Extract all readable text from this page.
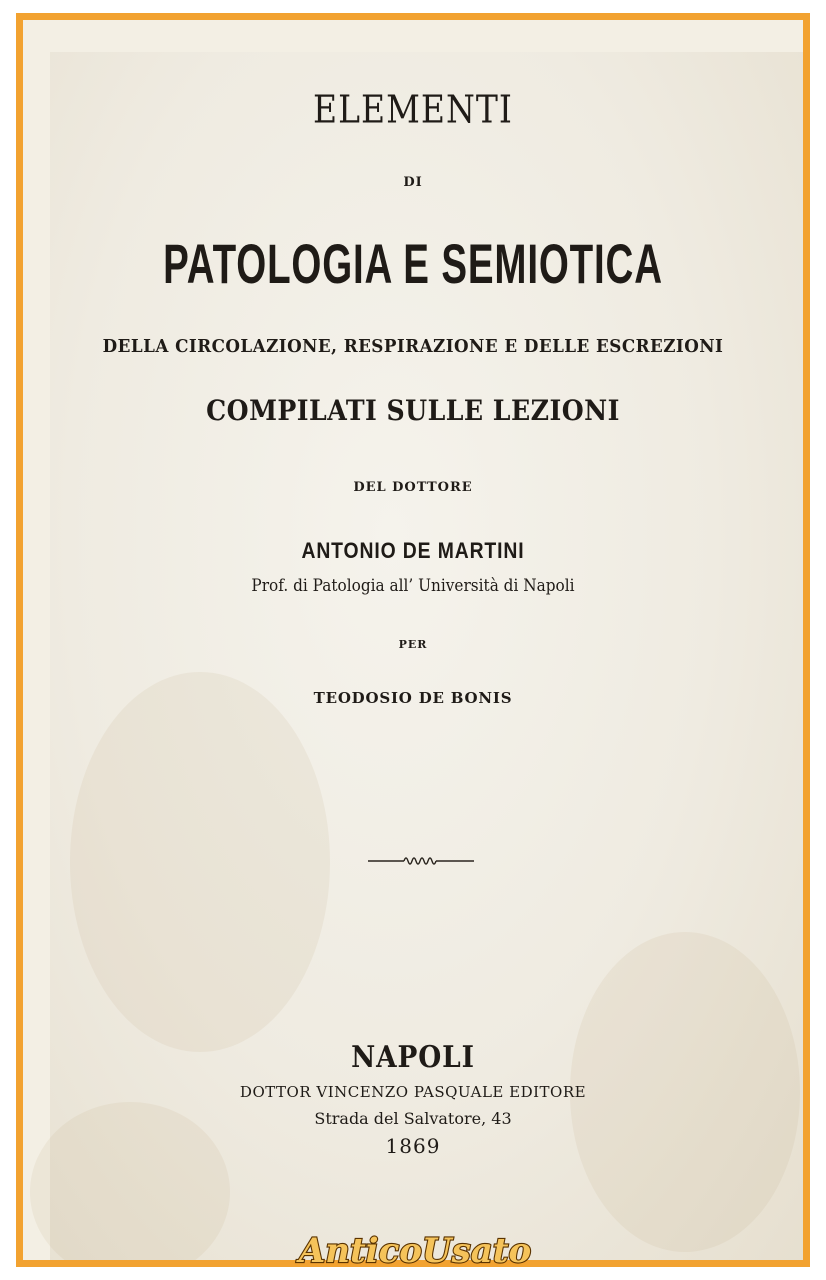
ELEMENTI

DI

PATOLOGIA E SEMIOTICA

DELLA CIRCOLAZIONE, RESPIRAZIONE E DELLE ESCREZIONI

COMPILATI SULLE LEZIONI

DEL DOTTORE

ANTONIO DE MARTINI

Prof. di Patologia all’ Università di Napoli

PER

TEODOSIO DE BONIS

NAPOLI

DOTTOR VINCENZO PASQUALE EDITORE

Strada del Salvatore, 43

1869

AnticoUsato
